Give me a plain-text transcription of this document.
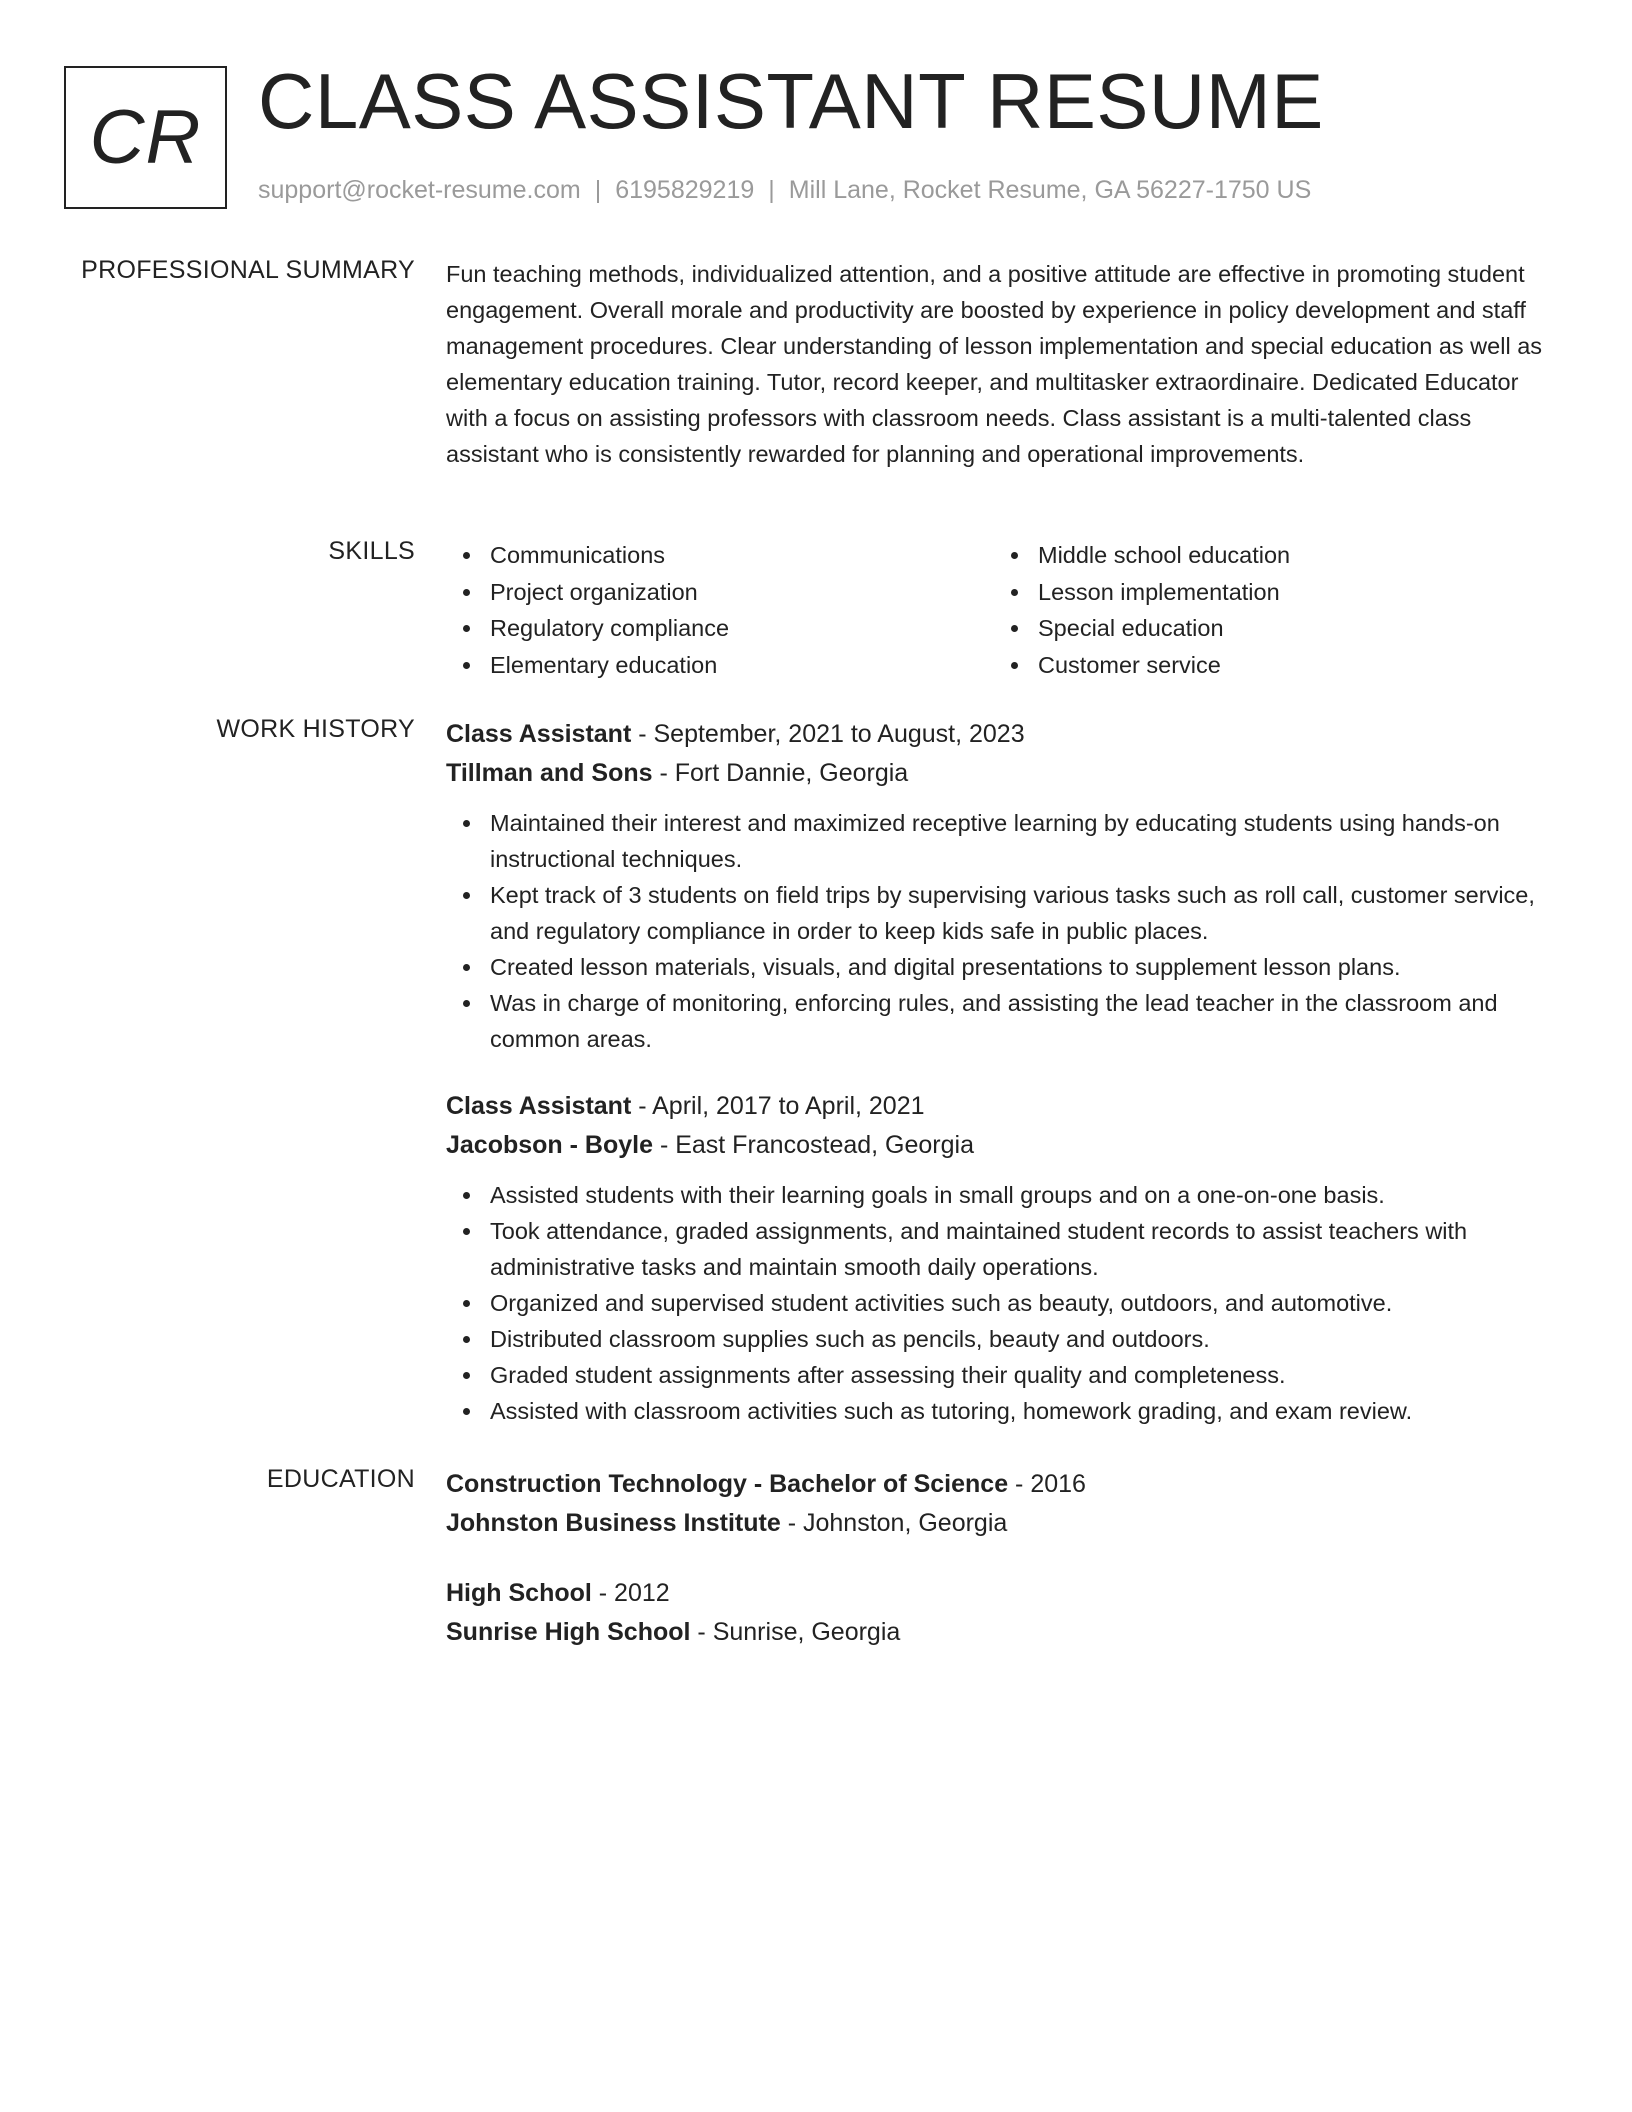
CR CLASS ASSISTANT RESUME
support@rocket-resume.com | 6195829219 | Mill Lane, Rocket Resume, GA 56227-1750 US
PROFESSIONAL SUMMARY Fun teaching methods, individualized attention, and a positive attitude are effective in promoting student engagement. Overall morale and productivity are boosted by experience in policy development and staff management procedures. Clear understanding of lesson implementation and special education as well as elementary education training. Tutor, record keeper, and multitasker extraordinaire. Dedicated Educator with a focus on assisting professors with classroom needs. Class assistant is a multi-talented class assistant who is consistently rewarded for planning and operational improvements.
SKILLS	Communications
Project organization
Regulatory compliance
Elementary education
Middle school education
Lesson implementation
Special education
Customer service
WORK HISTORY Class Assistant - September, 2021 to August, 2023
Tillman and Sons - Fort Dannie, Georgia
Maintained their interest and maximized receptive learning by educating students using hands-on instructional techniques.
Kept track of 3 students on field trips by supervising various tasks such as roll call, customer service, and regulatory compliance in order to keep kids safe in public places.
Created lesson materials, visuals, and digital presentations to supplement lesson plans.
Was in charge of monitoring, enforcing rules, and assisting the lead teacher in the classroom and common areas.
Class Assistant - April, 2017 to April, 2021
Jacobson - Boyle - East Francostead, Georgia
Assisted students with their learning goals in small groups and on a one-on-one basis.
Took attendance, graded assignments, and maintained student records to assist teachers with administrative tasks and maintain smooth daily operations.
Organized and supervised student activities such as beauty, outdoors, and automotive.
Distributed classroom supplies such as pencils, beauty and outdoors.
Graded student assignments after assessing their quality and completeness.
Assisted with classroom activities such as tutoring, homework grading, and exam review.
EDUCATION Construction Technology - Bachelor of Science - 2016
Johnston Business Institute - Johnston, Georgia
High School - 2012
Sunrise High School - Sunrise, Georgia
